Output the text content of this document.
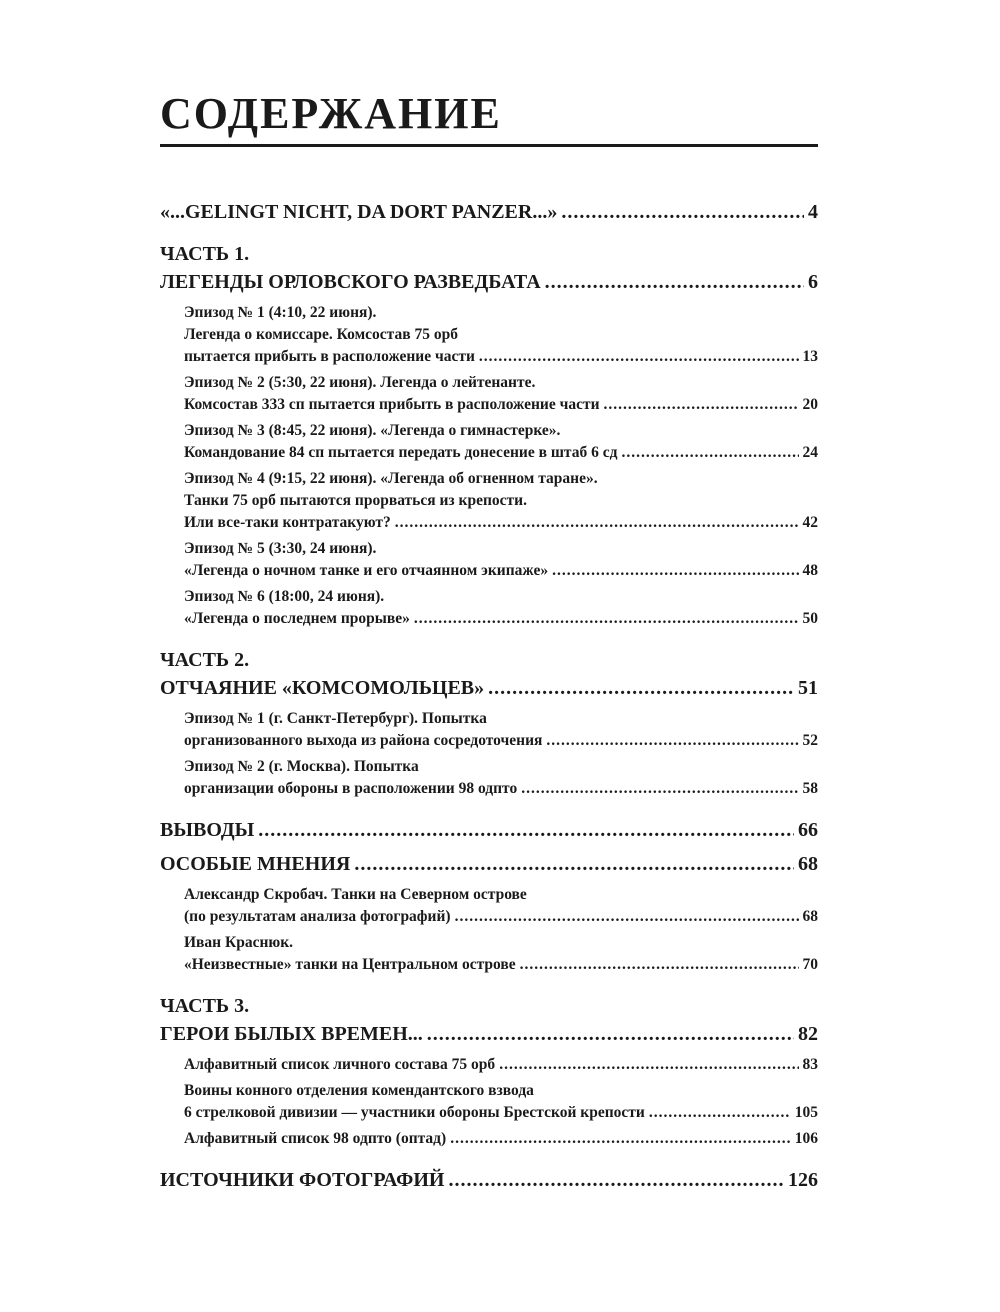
СОДЕРЖАНИЕ
«...GELINGT NICHT, DA DORT PANZER...» .....	4
ЧАСТЬ 1.
ЛЕГЕНДЫ ОРЛОВСКОГО РАЗВЕДБАТА .....	6
Эпизод № 1 (4:10, 22 июня).
Легенда о комиссаре. Комсостав 75 орб
пытается прибыть в расположение части .....	13
Эпизод № 2 (5:30, 22 июня). Легенда о лейтенанте.
Комсостав 333 сп пытается прибыть в расположение части .....	20
Эпизод № 3 (8:45, 22 июня). «Легенда о гимнастерке».
Командование 84 сп пытается передать донесение в штаб 6 сд .....	24
Эпизод № 4 (9:15, 22 июня). «Легенда об огненном таране».
Танки 75 орб пытаются прорваться из крепости.
Или все-таки контратакуют? .....	42
Эпизод № 5 (3:30, 24 июня).
«Легенда о ночном танке и его отчаянном экипаже» .....	48
Эпизод № 6 (18:00, 24 июня).
«Легенда о последнем прорыве» .....	50
ЧАСТЬ 2.
ОТЧАЯНИЕ «КОМСОМОЛЬЦЕВ» .....	51
Эпизод № 1 (г. Санкт-Петербург). Попытка
организованного выхода из района сосредоточения .....	52
Эпизод № 2 (г. Москва). Попытка
организации обороны в расположении 98 одпто .....	58
ВЫВОДЫ .....	66
ОСОБЫЕ МНЕНИЯ .....	68
Александр Скробач. Танки на Северном острове
(по результатам анализа фотографий) .....	68
Иван Краснюк.
«Неизвестные» танки на Центральном острове .....	70
ЧАСТЬ 3.
ГЕРОИ БЫЛЫХ ВРЕМЕН... .....	82
Алфавитный список личного состава 75 орб .....	83
Воины конного отделения комендантского взвода
6 стрелковой дивизии — участники обороны Брестской крепости .....	105
Алфавитный список 98 одпто (оптад) .....	106
ИСТОЧНИКИ ФОТОГРАФИЙ .....	126
